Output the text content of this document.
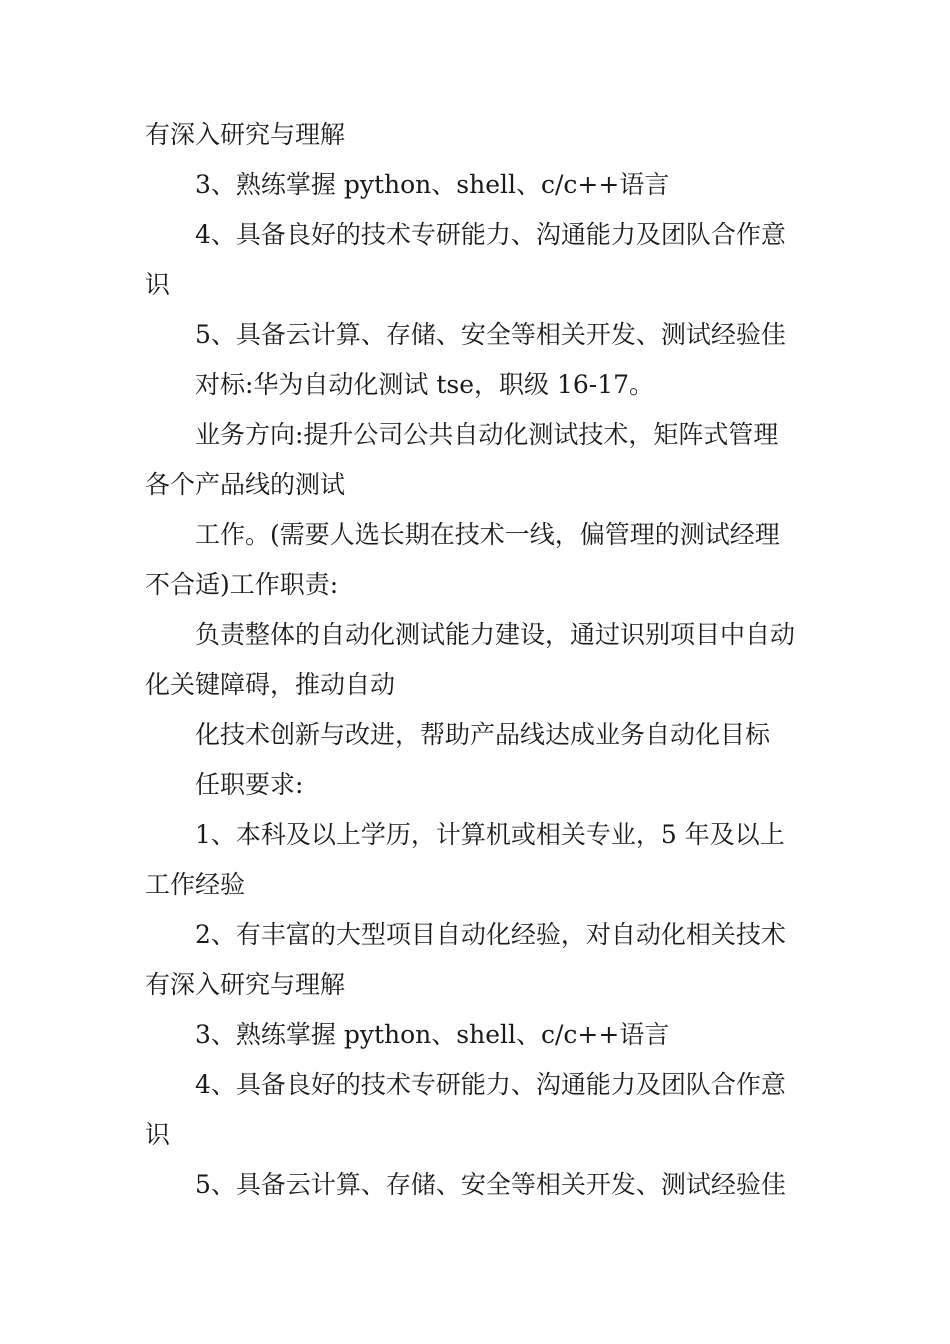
有深入研究与理解
3、熟练掌握 python、shell、c/c++语言
4、具备良好的技术专研能力、沟通能力及团队合作意
识
5、具备云计算、存储、安全等相关开发、测试经验佳
对标:华为自动化测试 tse，职级 16-17。
业务方向:提升公司公共自动化测试技术，矩阵式管理
各个产品线的测试
工作。(需要人选长期在技术一线，偏管理的测试经理
不合适)工作职责:
负责整体的自动化测试能力建设，通过识别项目中自动
化关键障碍，推动自动
化技术创新与改进，帮助产品线达成业务自动化目标
任职要求:
1、本科及以上学历，计算机或相关专业，5 年及以上
工作经验
2、有丰富的大型项目自动化经验，对自动化相关技术
有深入研究与理解
3、熟练掌握 python、shell、c/c++语言
4、具备良好的技术专研能力、沟通能力及团队合作意
识
5、具备云计算、存储、安全等相关开发、测试经验佳
